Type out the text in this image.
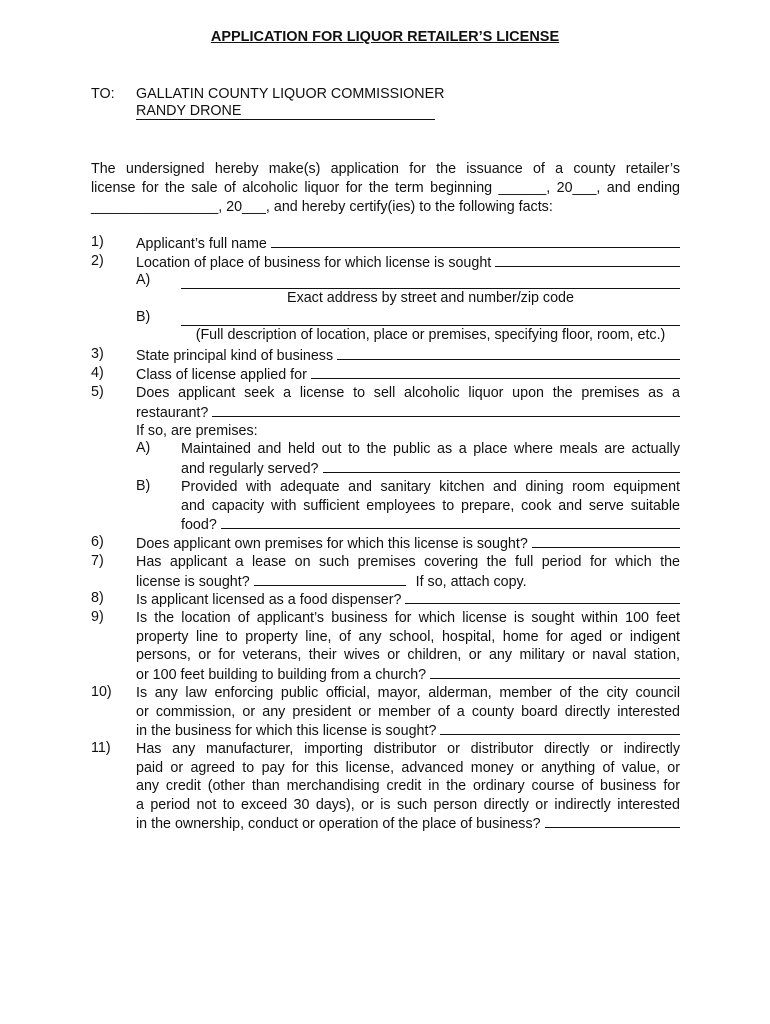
APPLICATION FOR LIQUOR RETAILER’S LICENSE
TO: GALLATIN COUNTY LIQUOR COMMISSIONER
RANDY DRONE
The undersigned hereby make(s) application for the issuance of a county retailer’s
license for the sale of alcoholic liquor for the term beginning ______, 20___, and ending
________________, 20___, and hereby certify(ies) to the following facts:
1) Applicant’s full name
2) Location of place of business for which license is sought
A)
Exact address by street and number/zip code
B)
(Full description of location, place or premises, specifying floor, room, etc.)
3) State principal kind of business
4) Class of license applied for
5) Does applicant seek a license to sell alcoholic liquor upon the premises as a
restaurant?
If so, are premises:
A) Maintained and held out to the public as a place where meals are actually
and regularly served?
B) Provided with adequate and sanitary kitchen and dining room equipment
and capacity with sufficient employees to prepare, cook and serve suitable
food?
6) Does applicant own premises for which this license is sought?
7) Has applicant a lease on such premises covering the full period for which the
license is sought?	If so, attach copy.
8) Is applicant licensed as a food dispenser?
9) Is the location of applicant’s business for which license is sought within 100 feet
property line to property line, of any school, hospital, home for aged or indigent
persons, or for veterans, their wives or children, or any military or naval station,
or 100 feet building to building from a church?
10) Is any law enforcing public official, mayor, alderman, member of the city council
or commission, or any president or member of a county board directly interested
in the business for which this license is sought?
11) Has any manufacturer, importing distributor or distributor directly or indirectly
paid or agreed to pay for this license, advanced money or anything of value, or
any credit (other than merchandising credit in the ordinary course of business for
a period not to exceed 30 days), or is such person directly or indirectly interested
in the ownership, conduct or operation of the place of business?
